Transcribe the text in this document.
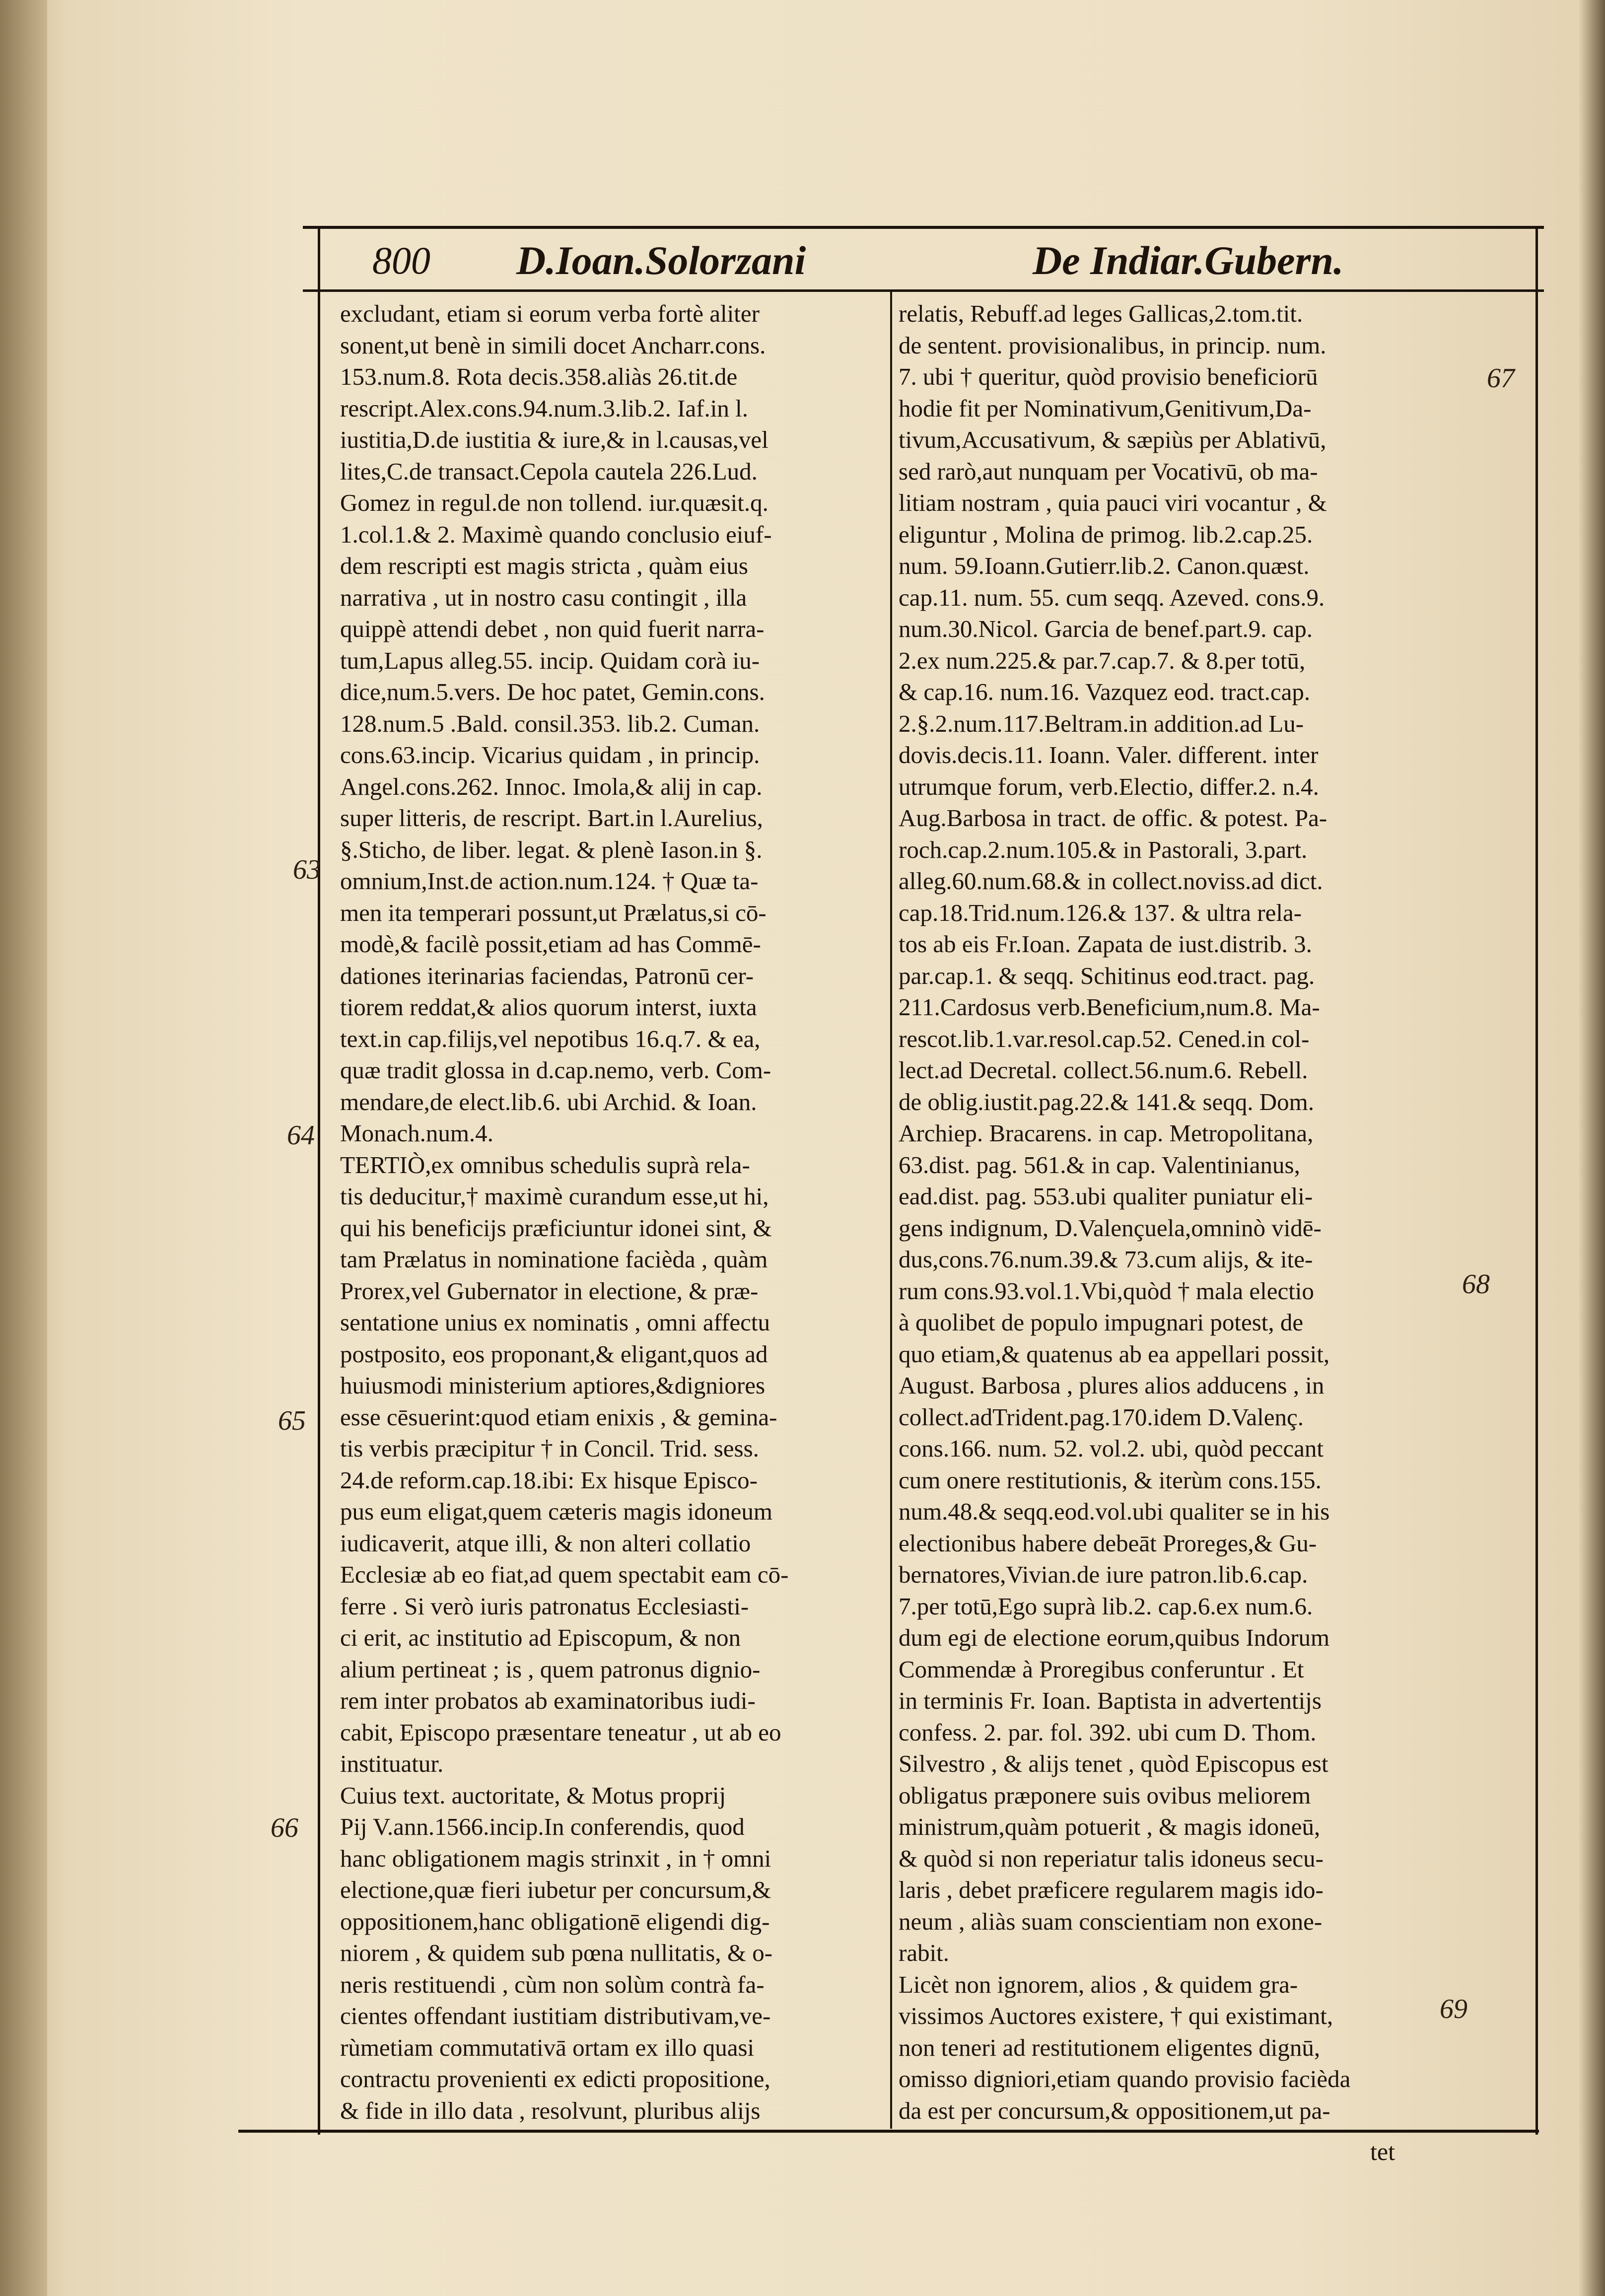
800 D.Ioan.Solorzani	De Indiar.Gubern.
excludant, etiam si eorum verba fortè aliter
sonent,ut benè in simili docet Ancharr.cons.
153.num.8. Rota decis.358.aliàs 26.tit.de
rescript.Alex.cons.94.num.3.lib.2. Iaf.in l.
iustitia,D.de iustitia & iure,& in l.causas,vel
lites,C.de transact.Cepola cautela 226.Lud.
Gomez in regul.de non tollend. iur.quæsit.q.
1.col.1.& 2. Maximè quando conclusio eiuf-
dem rescripti est magis stricta , quàm eius
narrativa , ut in nostro casu contingit , illa
quippè attendi debet , non quid fuerit narra-
tum,Lapus alleg.55. incip. Quidam corà iu-
dice,num.5.vers. De hoc patet, Gemin.cons.
128.num.5 .Bald. consil.353. lib.2. Cuman.
cons.63.incip. Vicarius quidam , in princip.
Angel.cons.262. Innoc. Imola,& alij in cap.
super litteris, de rescript. Bart.in l.Aurelius,
§.Sticho, de liber. legat. & plenè Iason.in §.
omnium,Inst.de action.num.124. † Quæ ta-
men ita temperari possunt,ut Prælatus,si cō-
modè,& facilè possit,etiam ad has Commē-
dationes iterinarias faciendas, Patronū cer-
tiorem reddat,& alios quorum interst, iuxta
text.in cap.filijs,vel nepotibus 16.q.7. & ea,
quæ tradit glossa in d.cap.nemo, verb. Com-
mendare,de elect.lib.6. ubi Archid. & Ioan.
Monach.num.4.
TERTIÒ,ex omnibus schedulis suprà rela-
tis deducitur,† maximè curandum esse,ut hi,
qui his beneficijs præficiuntur idonei sint, &
tam Prælatus in nominatione facièda , quàm
Prorex,vel Gubernator in electione, & præ-
sentatione unius ex nominatis , omni affectu
postposito, eos proponant,& eligant,quos ad
huiusmodi ministerium aptiores,&digniores
esse cēsuerint:quod etiam enixis , & gemina-
tis verbis præcipitur † in Concil. Trid. sess.
24.de reform.cap.18.ibi: Ex hisque Episco-
pus eum eligat,quem cæteris magis idoneum
iudicaverit, atque illi, & non alteri collatio
Ecclesiæ ab eo fiat,ad quem spectabit eam cō-
ferre . Si verò iuris patronatus Ecclesiasti-
ci erit, ac institutio ad Episcopum, & non
alium pertineat ; is , quem patronus dignio-
rem inter probatos ab examinatoribus iudi-
cabit, Episcopo præsentare teneatur , ut ab eo
instituatur.
Cuius text. auctoritate, & Motus proprij
Pij V.ann.1566.incip.In conferendis, quod
hanc obligationem magis strinxit , in † omni
electione,quæ fieri iubetur per concursum,&
oppositionem,hanc obligationē eligendi dig-
niorem , & quidem sub pœna nullitatis, & o-
neris restituendi , cùm non solùm contrà fa-
cientes offendant iustitiam distributivam,ve-
rùmetiam commutativā ortam ex illo quasi
contractu provenienti ex edicti propositione,
& fide in illo data , resolvunt, pluribus alijs
relatis, Rebuff.ad leges Gallicas,2.tom.tit.
de sentent. provisionalibus, in princip. num.
7. ubi † queritur, quòd provisio beneficiorū
hodie fit per Nominativum,Genitivum,Da-
tivum,Accusativum, & sæpiùs per Ablativū,
sed rarò,aut nunquam per Vocativū, ob ma-
litiam nostram , quia pauci viri vocantur , &
eliguntur , Molina de primog. lib.2.cap.25.
num. 59.Ioann.Gutierr.lib.2. Canon.quæst.
cap.11. num. 55. cum seqq. Azeved. cons.9.
num.30.Nicol. Garcia de benef.part.9. cap.
2.ex num.225.& par.7.cap.7. & 8.per totū,
& cap.16. num.16. Vazquez eod. tract.cap.
2.§.2.num.117.Beltram.in addition.ad Lu-
dovis.decis.11. Ioann. Valer. different. inter
utrumque forum, verb.Electio, differ.2. n.4.
Aug.Barbosa in tract. de offic. & potest. Pa-
roch.cap.2.num.105.& in Pastorali, 3.part.
alleg.60.num.68.& in collect.noviss.ad dict.
cap.18.Trid.num.126.& 137. & ultra rela-
tos ab eis Fr.Ioan. Zapata de iust.distrib. 3.
par.cap.1. & seqq. Schitinus eod.tract. pag.
211.Cardosus verb.Beneficium,num.8. Ma-
rescot.lib.1.var.resol.cap.52. Cened.in col-
lect.ad Decretal. collect.56.num.6. Rebell.
de oblig.iustit.pag.22.& 141.& seqq. Dom.
Archiep. Bracarens. in cap. Metropolitana,
63.dist. pag. 561.& in cap. Valentinianus,
ead.dist. pag. 553.ubi qualiter puniatur eli-
gens indignum, D.Valençuela,omninò vidē-
dus,cons.76.num.39.& 73.cum alijs, & ite-
rum cons.93.vol.1.Vbi,quòd † mala electio
à quolibet de populo impugnari potest, de
quo etiam,& quatenus ab ea appellari possit,
August. Barbosa , plures alios adducens , in
collect.adTrident.pag.170.idem D.Valenç.
cons.166. num. 52. vol.2. ubi, quòd peccant
cum onere restitutionis, & iterùm cons.155.
num.48.& seqq.eod.vol.ubi qualiter se in his
electionibus habere debeāt Proreges,& Gu-
bernatores,Vivian.de iure patron.lib.6.cap.
7.per totū,Ego suprà lib.2. cap.6.ex num.6.
dum egi de electione eorum,quibus Indorum
Commendæ à Proregibus conferuntur . Et
in terminis Fr. Ioan. Baptista in advertentijs
confess. 2. par. fol. 392. ubi cum D. Thom.
Silvestro , & alijs tenet , quòd Episcopus est
obligatus præponere suis ovibus meliorem
ministrum,quàm potuerit , & magis idoneū,
& quòd si non reperiatur talis idoneus secu-
laris , debet præficere regularem magis ido-
neum , aliàs suam conscientiam non exone-
rabit.
Licèt non ignorem, alios , & quidem gra-
vissimos Auctores existere, † qui existimant,
non teneri ad restitutionem eligentes dignū,
omisso digniori,etiam quando provisio facièda
da est per concursum,& oppositionem,ut pa-
63
64
65
66
67
68
69
tet
